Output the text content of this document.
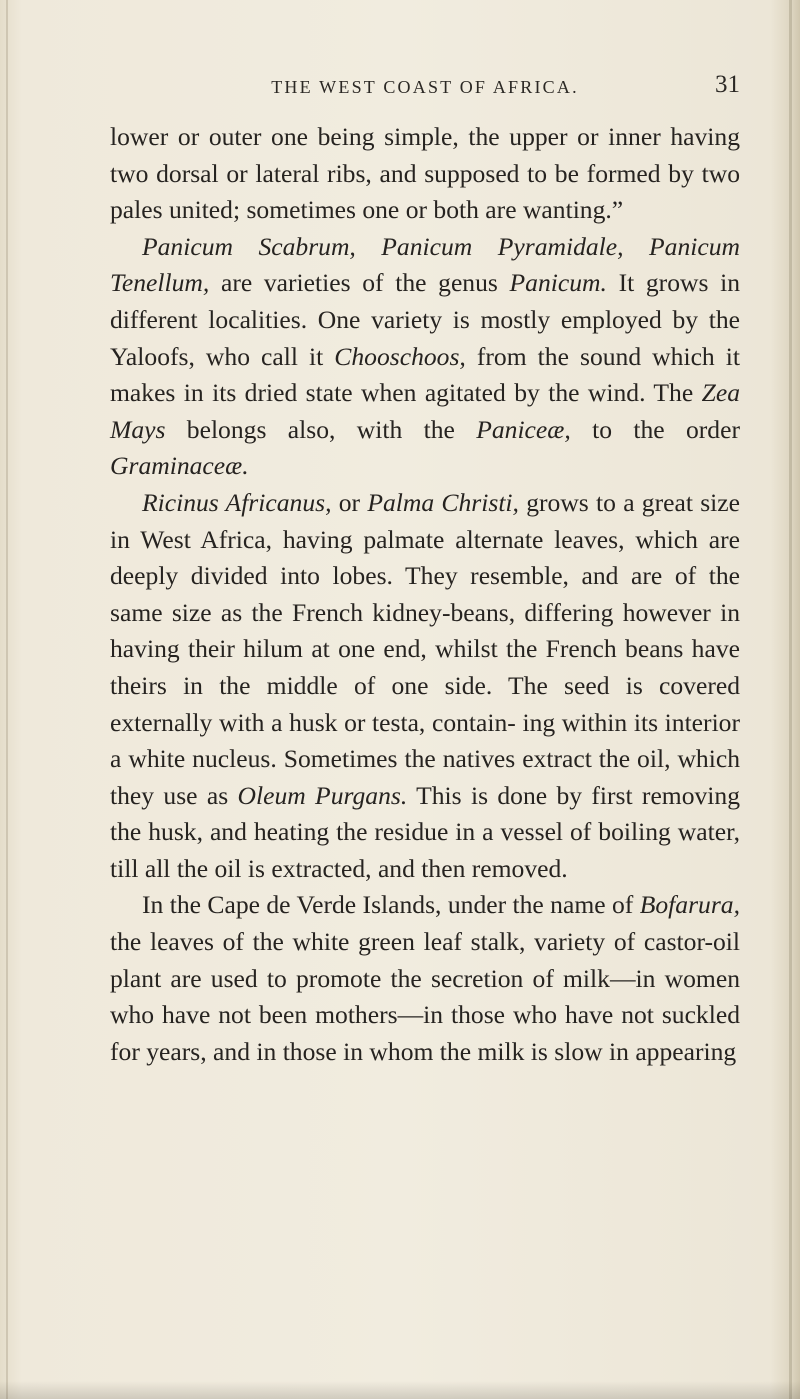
THE WEST COAST OF AFRICA.	31

lower or outer one being simple, the upper or inner having two dorsal or lateral ribs, and supposed to be formed by two pales united; sometimes one or both are wanting.”

Panicum Scabrum, Panicum Pyramidale, Panicum Tenellum, are varieties of the genus Panicum. It grows in different localities. One variety is mostly employed by the Yaloofs, who call it Chooschoos, from the sound which it makes in its dried state when agitated by the wind. The Zea Mays belongs also, with the Paniceæ, to the order Graminaceæ.

Ricinus Africanus, or Palma Christi, grows to a great size in West Africa, having palmate alternate leaves, which are deeply divided into lobes. They resemble, and are of the same size as the French kidney-beans, differing however in having their hilum at one end, whilst the French beans have theirs in the middle of one side. The seed is covered externally with a husk or testa, contain- ing within its interior a white nucleus. Sometimes the natives extract the oil, which they use as Oleum Purgans. This is done by first removing the husk, and heating the residue in a vessel of boiling water, till all the oil is extracted, and then removed.

In the Cape de Verde Islands, under the name of Bofarura, the leaves of the white green leaf stalk, variety of castor-oil plant are used to promote the secretion of milk—in women who have not been mothers—in those who have not suckled for years, and in those in whom the milk is slow in appearing
